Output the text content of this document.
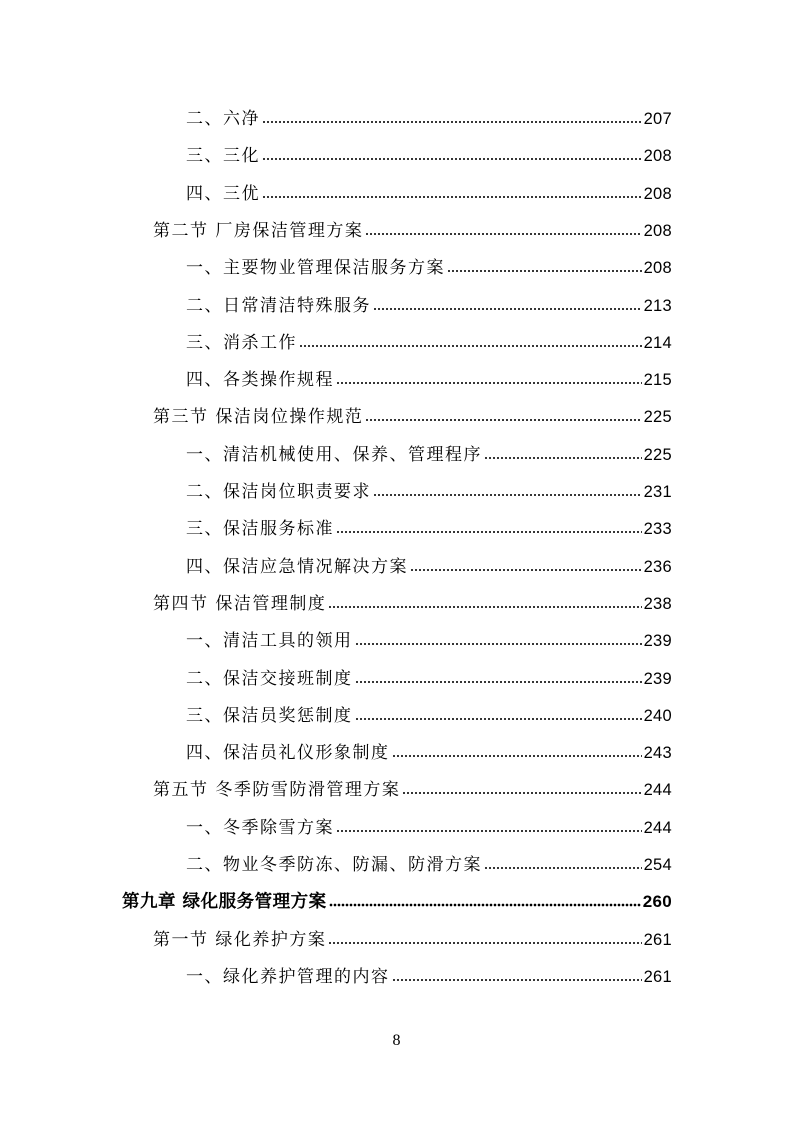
二、六净	207
三、三化	208
四、三优	208
第二节 厂房保洁管理方案	208
一、主要物业管理保洁服务方案	208
二、日常清洁特殊服务	213
三、消杀工作	214
四、各类操作规程	215
第三节 保洁岗位操作规范	225
一、清洁机械使用、保养、管理程序	225
二、保洁岗位职责要求	231
三、保洁服务标准	233
四、保洁应急情况解决方案	236
第四节 保洁管理制度	238
一、清洁工具的领用	239
二、保洁交接班制度	239
三、保洁员奖惩制度	240
四、保洁员礼仪形象制度	243
第五节 冬季防雪防滑管理方案	244
一、冬季除雪方案	244
二、物业冬季防冻、防漏、防滑方案	254
第九章 绿化服务管理方案	260
第一节 绿化养护方案	261
一、绿化养护管理的内容	261
8
